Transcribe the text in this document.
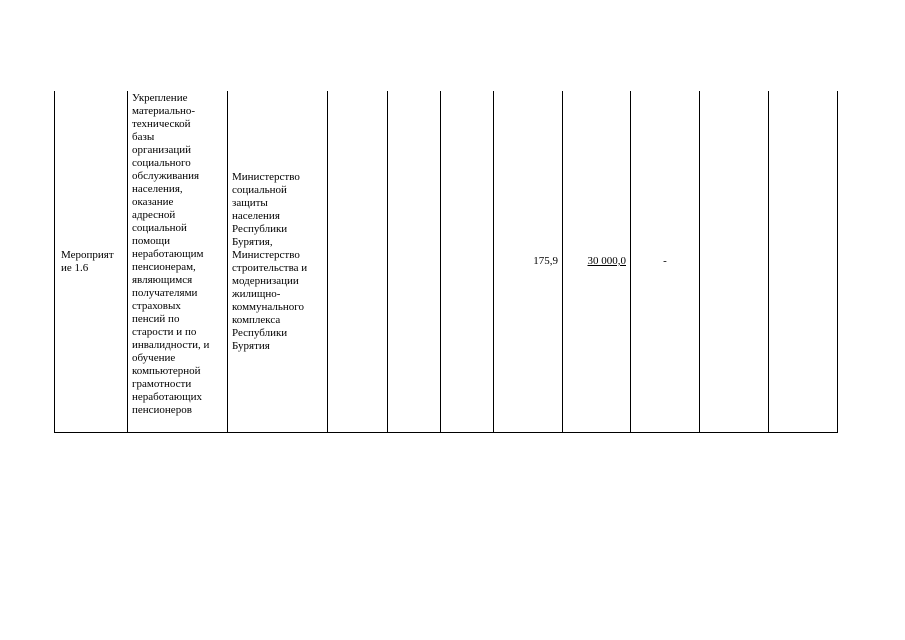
Мероприят
ие 1.6	Укрепление
материально-
технической
базы
организаций
социального
обслуживания
населения,
оказание
адресной
социальной
помощи
неработающим
пенсионерам,
являющимся
получателями
страховых
пенсий по
старости и по
инвалидности, и
обучение
компьютерной
грамотности
неработающих
пенсионеров	Министерство
социальной
защиты
населения
Республики
Бурятия,
Министерство
строительства и
модернизации
жилищно-
коммунального
комплекса
Республики
Бурятия				175,9	30 000,0	-		
